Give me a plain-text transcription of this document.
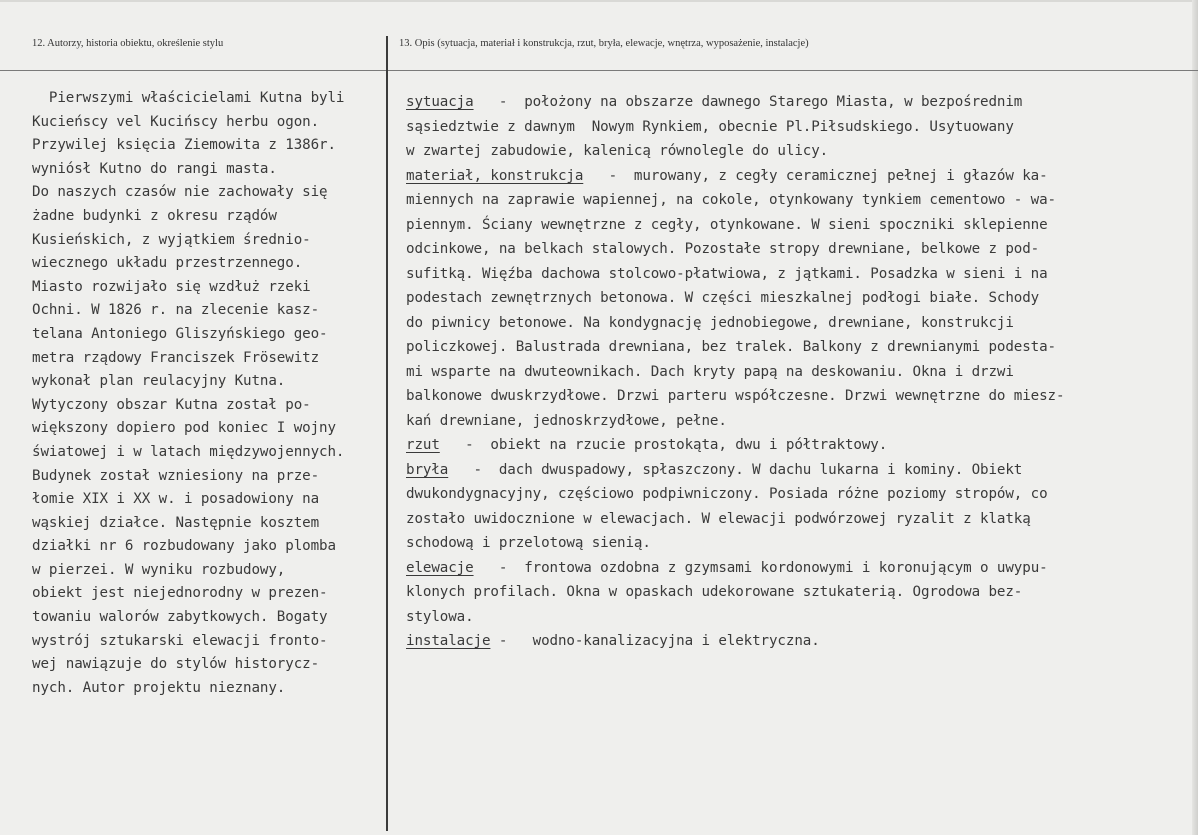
12. Autorzy, historia obiektu, określenie stylu	13. Opis (sytuacja, materiał i konstrukcja, rzut, bryła, elewacje, wnętrza, wyposażenie, instalacje)
Pierwszymi właścicielami Kutna byli
Kucieńscy vel Kucińscy herbu ogon.
Przywilej księcia Ziemowita z 1386r.
wyniósł Kutno do rangi masta.
Do naszych czasów nie zachowały się
żadne budynki z okresu rządów
Kusieńskich, z wyjątkiem średnio-
wiecznego układu przestrzennego.
Miasto rozwijało się wzdłuż rzeki
Ochni. W 1826 r. na zlecenie kasz-
telana Antoniego Gliszyńskiego geo-
metra rządowy Franciszek Frösewitz
wykonał plan reulacyjny Kutna.
Wytyczony obszar Kutna został po-
większony dopiero pod koniec I wojny
światowej i w latach międzywojennych.
Budynek został wzniesiony na prze-
łomie XIX i XX w. i posadowiony na
wąskiej działce. Następnie kosztem
działki nr 6 rozbudowany jako plomba
w pierzei. W wyniku rozbudowy,
obiekt jest niejednorodny w prezen-
towaniu walorów zabytkowych. Bogaty
wystrój sztukarski elewacji fronto-
wej nawiązuje do stylów historycz-
nych. Autor projektu nieznany.
sytuacja   -  położony na obszarze dawnego Starego Miasta, w bezpośrednim
sąsiedztwie z dawnym  Nowym Rynkiem, obecnie Pl.Piłsudskiego. Usytuowany
w zwartej zabudowie, kalenicą równolegle do ulicy.
materiał, konstrukcja   -  murowany, z cegły ceramicznej pełnej i głazów ka-
miennych na zaprawie wapiennej, na cokole, otynkowany tynkiem cementowo - wa-
piennym. Ściany wewnętrzne z cegły, otynkowane. W sieni spoczniki sklepienne
odcinkowe, na belkach stalowych. Pozostałe stropy drewniane, belkowe z pod-
sufitką. Więźba dachowa stolcowo-płatwiowa, z jątkami. Posadzka w sieni i na
podestach zewnętrznych betonowa. W części mieszkalnej podłogi białe. Schody
do piwnicy betonowe. Na kondygnację jednobiegowe, drewniane, konstrukcji
policzkowej. Balustrada drewniana, bez tralek. Balkony z drewnianymi podesta-
mi wsparte na dwuteownikach. Dach kryty papą na deskowaniu. Okna i drzwi
balkonowe dwuskrzydłowe. Drzwi parteru współczesne. Drzwi wewnętrzne do miesz-
kań drewniane, jednoskrzydłowe, pełne.
rzut   -  obiekt na rzucie prostokąta, dwu i półtraktowy.
bryła   -  dach dwuspadowy, spłaszczony. W dachu lukarna i kominy. Obiekt
dwukondygnacyjny, częściowo podpiwniczony. Posiada różne poziomy stropów, co
zostało uwidocznione w elewacjach. W elewacji podwórzowej ryzalit z klatką
schodową i przelotową sienią.
elewacje   -  frontowa ozdobna z gzymsami kordonowymi i koronującym o uwypu-
klonych profilach. Okna w opaskach udekorowane sztukaterią. Ogrodowa bez-
stylowa.
instalacje -   wodno-kanalizacyjna i elektryczna.
